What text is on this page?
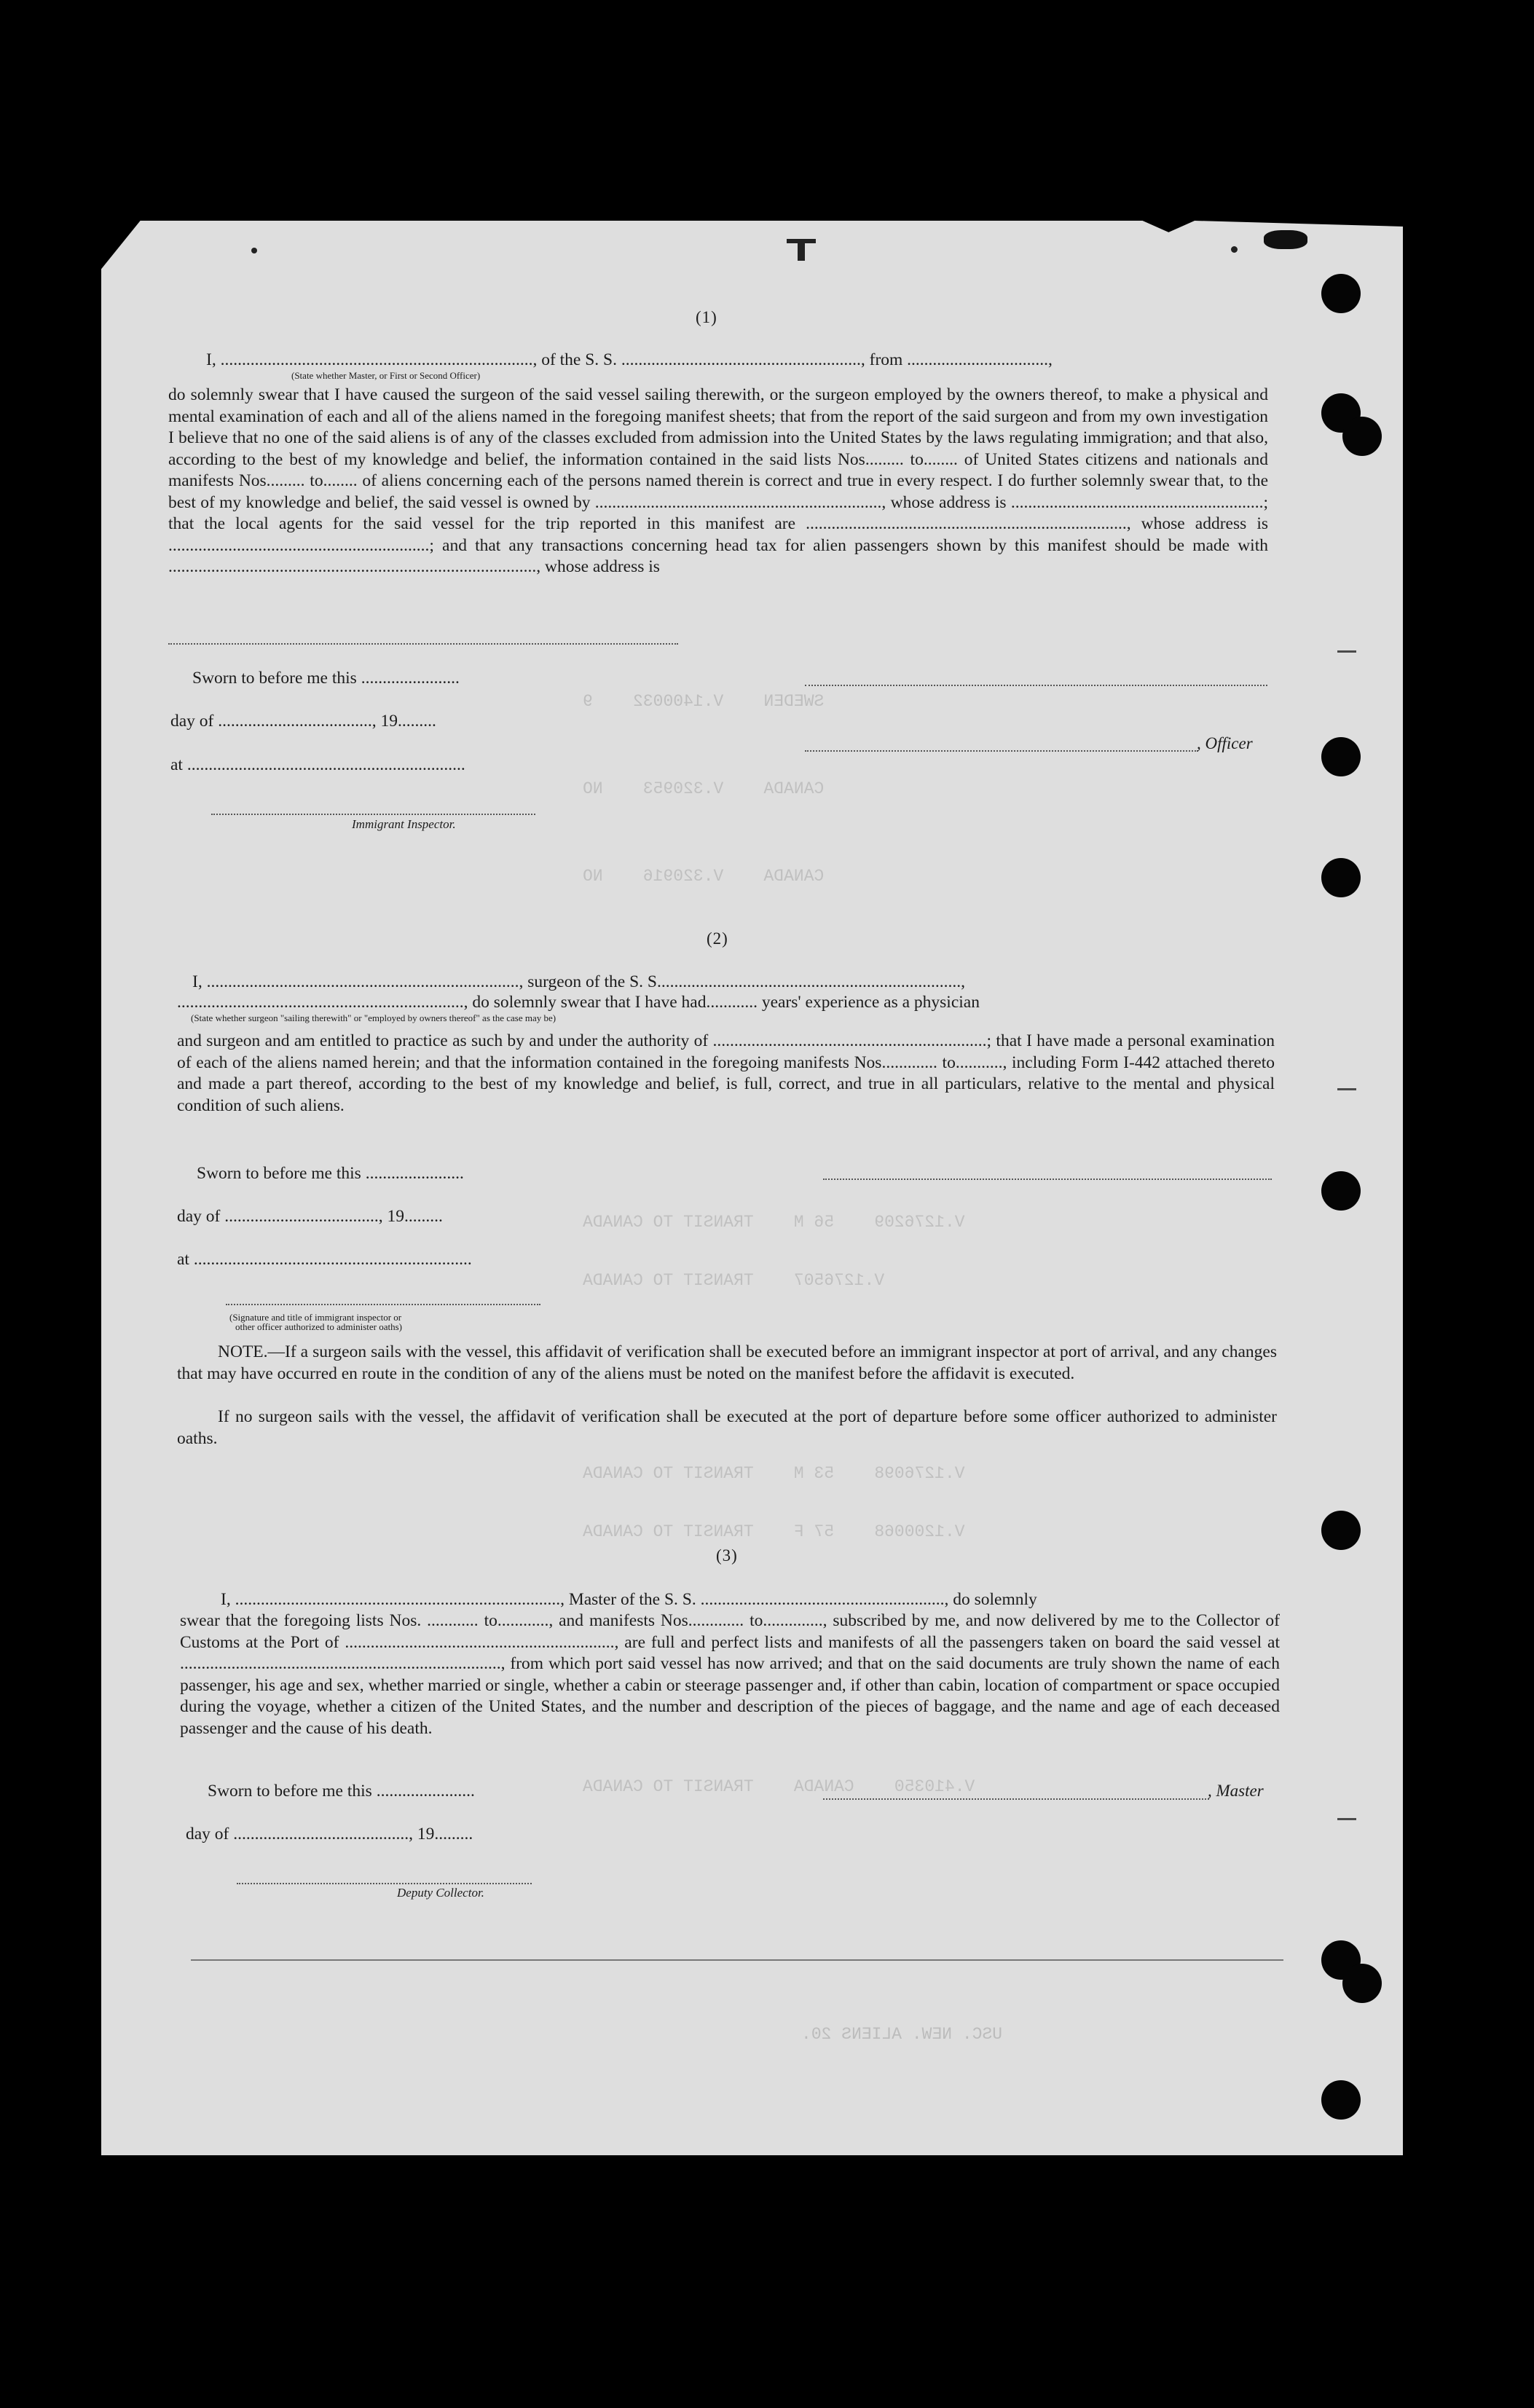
SWEDEN    V.1400032    9
CANADA    V.320953    NO
CANADA    V.320916    NO
V.1276209    56 M    TRANSIT TO CANADA
V.1276507    TRANSIT TO CANADA
V.1276098    53 M    TRANSIT TO CANADA
V.1200068    57 F    TRANSIT TO CANADA
V.410350    CANADA    TRANSIT TO CANADA
USC. NEW. ALIENS 20.
(1)
I, ........................................................................., of the S. S. ........................................................, from .................................,
(State whether Master, or First or Second Officer)
do solemnly swear that I have caused the surgeon of the said vessel sailing therewith, or the surgeon employed by the owners thereof, to make a physical and mental examination of each and all of the aliens named in the foregoing manifest sheets; that from the report of the said surgeon and from my own investigation I believe that no one of the said aliens is of any of the classes excluded from admission into the United States by the laws regulating immigration; and that also, according to the best of my knowledge and belief, the information contained in the said lists Nos......... to........ of United States citizens and nationals and manifests Nos......... to........ of aliens concerning each of the persons named therein is correct and true in every respect. I do further solemnly swear that, to the best of my knowledge and belief, the said vessel is owned by ..................................................................., whose address is ...........................................................; that the local agents for the said vessel for the trip reported in this manifest are ..........................................................................., whose address is .............................................................; and that any transactions concerning head tax for alien passengers shown by this manifest should be made with ......................................................................................, whose address is
Sworn to before me this .......................
day of ...................................., 19.........
at .................................................................
Immigrant Inspector.
, Officer
(2)
I, ........................................................................., surgeon of the S. S.......................................................................,
..................................................................., do solemnly swear that I have had............ years' experience as a physician
(State whether surgeon "sailing therewith" or "employed by owners thereof" as the case may be)
and surgeon and am entitled to practice as such by and under the authority of ................................................................; that I have made a personal examination of each of the aliens named herein; and that the information contained in the foregoing manifests Nos............. to..........., including Form I-442 attached thereto and made a part thereof, according to the best of my knowledge and belief, is full, correct, and true in all particulars, relative to the mental and physical condition of such aliens.
Sworn to before me this .......................
day of ...................................., 19.........
at .................................................................
(Signature and title of immigrant inspector or
other officer authorized to administer oaths)
NOTE.—If a surgeon sails with the vessel, this affidavit of verification shall be executed before an immigrant inspector at port of arrival, and any changes that may have occurred en route in the condition of any of the aliens must be noted on the manifest before the affidavit is executed.
If no surgeon sails with the vessel, the affidavit of verification shall be executed at the port of departure before some officer authorized to administer oaths.
(3)
I, ............................................................................, Master of the S. S. ........................................................., do solemnly
swear that the foregoing lists Nos. ............ to............, and manifests Nos............. to.............., subscribed by me, and now delivered by me to the Collector of Customs at the Port of ..............................................................., are full and perfect lists and manifests of all the passengers taken on board the said vessel at ..........................................................................., from which port said vessel has now arrived; and that on the said documents are truly shown the name of each passenger, his age and sex, whether married or single, whether a cabin or steerage passenger and, if other than cabin, location of compartment or space occupied during the voyage, whether a citizen of the United States, and the number and description of the pieces of baggage, and the name and age of each deceased passenger and the cause of his death.
Sworn to before me this .......................	, Master
day of ........................................., 19.........
Deputy Collector.
